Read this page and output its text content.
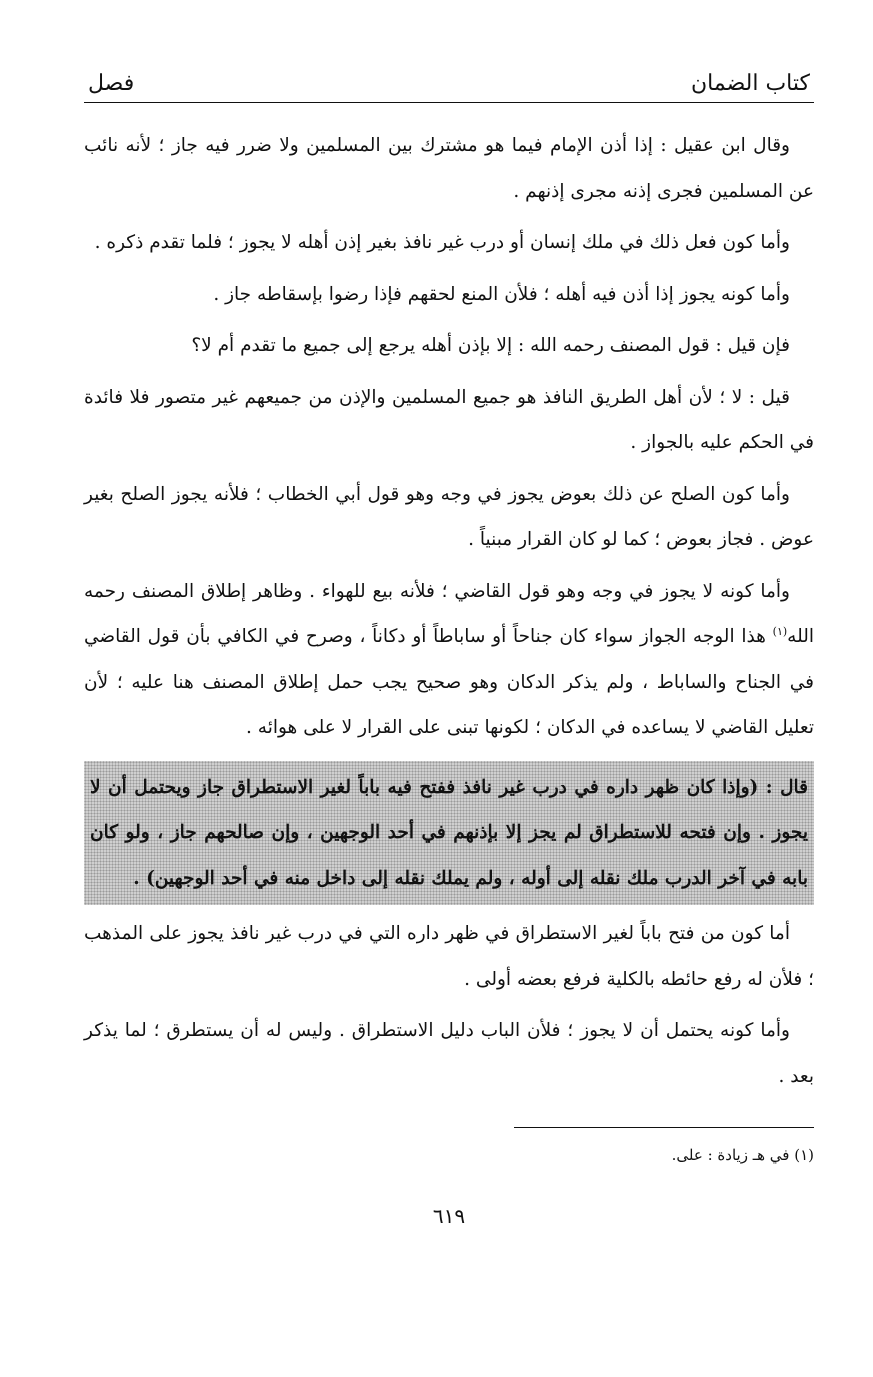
كتاب الضمان
فصل

وقال ابن عقيل : إذا أذن الإمام فيما هو مشترك بين المسلمين ولا ضرر فيه جاز ؛ لأنه نائب عن المسلمين فجرى إذنه مجرى إذنهم .

وأما كون فعل ذلك في ملك إنسان أو درب غير نافذ بغير إذن أهله لا يجوز ؛ فلما تقدم ذكره .

وأما كونه يجوز إذا أذن فيه أهله ؛ فلأن المنع لحقهم فإذا رضوا بإسقاطه جاز .

فإن قيل : قول المصنف رحمه الله : إلا بإذن أهله يرجع إلى جميع ما تقدم أم لا؟

قيل : لا ؛ لأن أهل الطريق النافذ هو جميع المسلمين والإذن من جميعهم غير متصور فلا فائدة في الحكم عليه بالجواز .

وأما كون الصلح عن ذلك بعوض يجوز في وجه وهو قول أبي الخطاب ؛ فلأنه يجوز الصلح بغير عوض . فجاز بعوض ؛ كما لو كان القرار مبنياً .

وأما كونه لا يجوز في وجه وهو قول القاضي ؛ فلأنه بيع للهواء . وظاهر إطلاق المصنف رحمه الله$^{(١)}$ هذا الوجه الجواز سواء كان جناحاً أو ساباطاً أو دكاناً ، وصرح في الكافي بأن قول القاضي في الجناح والساباط ، ولم يذكر الدكان وهو صحيح يجب حمل إطلاق المصنف هنا عليه ؛ لأن تعليل القاضي لا يساعده في الدكان ؛ لكونها تبنى على القرار لا على هوائه .

قال : (وإذا كان ظهر داره في درب غير نافذ ففتح فيه باباً لغير الاستطراق جاز ويحتمل أن لا يجوز . وإن فتحه للاستطراق لم يجز إلا بإذنهم في أحد الوجهين ، وإن صالحهم جاز ، ولو كان بابه في آخر الدرب ملك نقله إلى أوله ، ولم يملك نقله إلى داخل منه في أحد الوجهين) .

أما كون من فتح باباً لغير الاستطراق في ظهر داره التي في درب غير نافذ يجوز على المذهب ؛ فلأن له رفع حائطه بالكلية فرفع بعضه أولى .

وأما كونه يحتمل أن لا يجوز ؛ فلأن الباب دليل الاستطراق . وليس له أن يستطرق ؛ لما يذكر بعد .

(١) في هـ زيادة : على.
٦١٩
